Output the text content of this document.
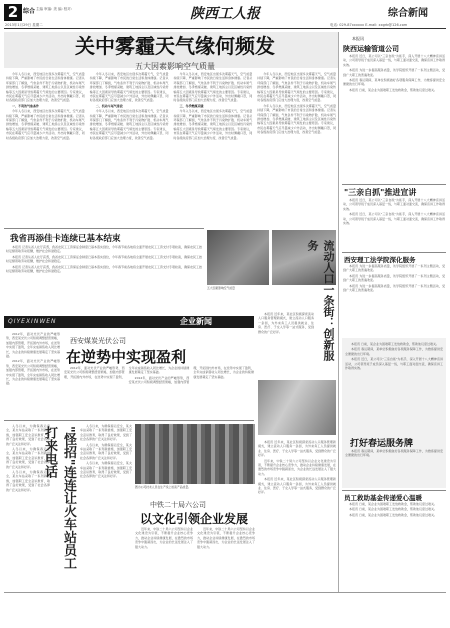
2 综合 主编 审编: 美 编: 校对:	陕西工人报	综合新闻
2013年1月29日 星期二	电话: 029-87xxxxxx E-mail: xxgrb@126.com
关中雾霾天气缘何频发
五大因素影响空气质量

今年入冬以来，西安地区出现多次雾霾天气，空气质量持续下降，严重影响了市民的日常生活和身体健康。记者从环保部门了解到，气象条件不利于污染物扩散、机动车尾气排放增加、冬季燃煤采暖、建筑工地扬尘以及区域性污染传输等五大因素是导致雾霾天气频发的主要原因。专家建议，市民在雾霾天气应尽量减少户外活动，外出时佩戴口罩，同时各级政府部门应加大治理力度，改善空气质量。

一、不利的气象条件

今年入冬以来，西安地区出现多次雾霾天气，空气质量持续下降，严重影响了市民的日常生活和身体健康。记者从环保部门了解到，气象条件不利于污染物扩散、机动车尾气排放增加、冬季燃煤采暖、建筑工地扬尘以及区域性污染传输等五大因素是导致雾霾天气频发的主要原因。专家建议，市民在雾霾天气应尽量减少户外活动，外出时佩戴口罩，同时各级政府部门应加大治理力度，改善空气质量。

今年入冬以来，西安地区出现多次雾霾天气，空气质量持续下降，严重影响了市民的日常生活和身体健康。记者从环保部门了解到，气象条件不利于污染物扩散、机动车尾气排放增加、冬季燃煤采暖、建筑工地扬尘以及区域性污染传输等五大因素是导致雾霾天气频发的主要原因。专家建议，市民在雾霾天气应尽量减少户外活动，外出时佩戴口罩，同时各级政府部门应加大治理力度，改善空气质量。

二、机动车尾气排放

今年入冬以来，西安地区出现多次雾霾天气，空气质量持续下降，严重影响了市民的日常生活和身体健康。记者从环保部门了解到，气象条件不利于污染物扩散、机动车尾气排放增加、冬季燃煤采暖、建筑工地扬尘以及区域性污染传输等五大因素是导致雾霾天气频发的主要原因。专家建议，市民在雾霾天气应尽量减少户外活动，外出时佩戴口罩，同时各级政府部门应加大治理力度，改善空气质量。

今年入冬以来，西安地区出现多次雾霾天气，空气质量持续下降，严重影响了市民的日常生活和身体健康。记者从环保部门了解到，气象条件不利于污染物扩散、机动车尾气排放增加、冬季燃煤采暖、建筑工地扬尘以及区域性污染传输等五大因素是导致雾霾天气频发的主要原因。专家建议，市民在雾霾天气应尽量减少户外活动，外出时佩戴口罩，同时各级政府部门应加大治理力度，改善空气质量。

三、冬季燃煤采暖

今年入冬以来，西安地区出现多次雾霾天气，空气质量持续下降，严重影响了市民的日常生活和身体健康。记者从环保部门了解到，气象条件不利于污染物扩散、机动车尾气排放增加、冬季燃煤采暖、建筑工地扬尘以及区域性污染传输等五大因素是导致雾霾天气频发的主要原因。专家建议，市民在雾霾天气应尽量减少户外活动，外出时佩戴口罩，同时各级政府部门应加大治理力度，改善空气质量。

今年入冬以来，西安地区出现多次雾霾天气，空气质量持续下降，严重影响了市民的日常生活和身体健康。记者从环保部门了解到，气象条件不利于污染物扩散、机动车尾气排放增加、冬季燃煤采暖、建筑工地扬尘以及区域性污染传输等五大因素是导致雾霾天气频发的主要原因。专家建议，市民在雾霾天气应尽量减少户外活动，外出时佩戴口罩，同时各级政府部门应加大治理力度，改善空气质量。

今年入冬以来，西安地区出现多次雾霾天气，空气质量持续下降，严重影响了市民的日常生活和身体健康。记者从环保部门了解到，气象条件不利于污染物扩散、机动车尾气排放增加、冬季燃煤采暖、建筑工地扬尘以及区域性污染传输等五大因素是导致雾霾天气频发的主要原因。专家建议，市民在雾霾天气应尽量减少户外活动，外出时佩戴口罩，同时各级政府部门应加大治理力度，改善空气质量。

我省再添佳卡连续已基本结束

本报讯 记者从省人社厅获悉，我省农民工工资保证金制度已基本落实到位，今年春节前各地将全面开展农民工工资支付专项检查，确保农民工按时足额领取劳动报酬，维护社会和谐稳定。

本报讯 记者从省人社厅获悉，我省农民工工资保证金制度已基本落实到位，今年春节前各地将全面开展农民工工资支付专项检查，确保农民工按时足额领取劳动报酬，维护社会和谐稳定。

本报讯 记者从省人社厅获悉，我省农民工工资保证金制度已基本落实到位，今年春节前各地将全面开展农民工工资支付专项检查，确保农民工按时足额领取劳动报酬，维护社会和谐稳定。

五大因素影响空气质量	流动人口一条街：创新服务

本报讯 近年来，某社区积极探索流动人口服务管理新模式，建立流动人口服务一条街，为外来务工人员提供就业、住房、医疗、子女入学等一站式服务，受到群众的广泛好评。

QIYEXINWEN	企业新闻

2012年，面对光伏产业的严峻形势，西安某光伏公司积极调整经营策略，加强内部管理，开拓国内外市场，在逆势中实现了盈利，全年完成销售收入同比增长，为企业的持续健康发展奠定了坚实基础。

2012年，面对光伏产业的严峻形势，西安某光伏公司积极调整经营策略，加强内部管理，开拓国内外市场，在逆势中实现了盈利，全年完成销售收入同比增长，为企业的持续健康发展奠定了坚实基础。

西安煤炭光伏公司
在逆势中实现盈利

2012年，面对光伏产业的严峻形势，西安某光伏公司积极调整经营策略，加强内部管理，开拓国内外市场，在逆势中实现了盈利，全年完成销售收入同比增长，为企业的持续健康发展奠定了坚实基础。

2012年，面对光伏产业的严峻形势，西安某光伏公司积极调整经营策略，加强内部管理，开拓国内外市场，在逆势中实现了盈利，全年完成销售收入同比增长，为企业的持续健康发展奠定了坚实基础。

入冬以来，为确保春运安全，某火车站采取了一系列新措施，加强职工安全意识教育，取得了良好效果，受到了社会各界的广泛关注和好评。

入冬以来，为确保春运安全，某火车站采取了一系列新措施，加强职工安全意识教育，取得了良好效果，受到了社会各界的广泛关注和好评。

入冬以来，为确保春运安全，某火车站采取了一系列新措施，加强职工安全意识教育，取得了良好效果，受到了社会各界的广泛关注和好评。	"怪招"连连让火车站员工打来电话	入冬以来，为确保春运安全，某火车站采取了一系列新措施，加强职工安全意识教育，取得了良好效果，受到了社会各界的广泛关注和好评。

入冬以来，为确保春运安全，某火车站采取了一系列新措施，加强职工安全意识教育，取得了良好效果，受到了社会各界的广泛关注和好评。

入冬以来，为确保春运安全，某火车站采取了一系列新措施，加强职工安全意识教育，取得了良好效果，受到了社会各界的广泛关注和好评。

图为公司技术人员在生产线上检查产品质量。
中铁二十局六公司
以文化引领企业发展

近年来，中铁二十局六公司坚持以企业文化建设为引领，不断提升企业核心竞争力，推动企业持续健康发展，在激烈的市场竞争中脱颖而出，为企业的长远发展注入了强大动力。

近年来，中铁二十局六公司坚持以企业文化建设为引领，不断提升企业核心竞争力，推动企业持续健康发展，在激烈的市场竞争中脱颖而出，为企业的长远发展注入了强大动力。

本报讯 近年来，某社区积极探索流动人口服务管理新模式，建立流动人口服务一条街，为外来务工人员提供就业、住房、医疗、子女入学等一站式服务，受到群众的广泛好评。

近年来，中铁二十局六公司坚持以企业文化建设为引领，不断提升企业核心竞争力，推动企业持续健康发展，在激烈的市场竞争中脱颖而出，为企业的长远发展注入了强大动力。

本报讯 近年来，某社区积极探索流动人口服务管理新模式，建立流动人口服务一条街，为外来务工人员提供就业、住房、医疗、子女入学等一站式服务，受到群众的广泛好评。

本报讯
陕西运输管道公司

本报讯 近日，某公司以"三亲自抓"为抓手，深入开展十八大精神宣讲活动，公司领导班子成员深入基层一线，与职工面对面交流，确保宣讲工作取得实效。

本报讯 为进一步提高服务质量，该学院组织开展了一系列主题活动，受到广大职工的普遍欢迎。

本报讯 春运期间，某单位积极做好各项服务保障工作，为旅客提供安全便捷的出行环境。

本报讯 日前，某企业为困难职工发放救助金，帮助他们度过难关。

"三亲自抓"推进宣讲

本报讯 近日，某公司以"三亲自抓"为抓手，深入开展十八大精神宣讲活动，公司领导班子成员深入基层一线，与职工面对面交流，确保宣讲工作取得实效。

本报讯 近日，某公司以"三亲自抓"为抓手，深入开展十八大精神宣讲活动，公司领导班子成员深入基层一线，与职工面对面交流，确保宣讲工作取得实效。

西安理工法学院深化服务

本报讯 为进一步提高服务质量，该学院组织开展了一系列主题活动，受到广大职工的普遍欢迎。

本报讯 为进一步提高服务质量，该学院组织开展了一系列主题活动，受到广大职工的普遍欢迎。

本报讯 为进一步提高服务质量，该学院组织开展了一系列主题活动，受到广大职工的普遍欢迎。

本报讯 日前，某企业为困难职工发放救助金，帮助他们度过难关。

本报讯 春运期间，某单位积极做好各项服务保障工作，为旅客提供安全便捷的出行环境。

本报讯 近日，某公司以"三亲自抓"为抓手，深入开展十八大精神宣讲活动，公司领导班子成员深入基层一线，与职工面对面交流，确保宣讲工作取得实效。

打好春运服务牌

本报讯 春运期间，某单位积极做好各项服务保障工作，为旅客提供安全便捷的出行环境。

员工救助基金传递爱心温暖

本报讯 日前，某企业为困难职工发放救助金，帮助他们度过难关。

本报讯 日前，某企业为困难职工发放救助金，帮助他们度过难关。

本报讯 日前，某企业为困难职工发放救助金，帮助他们度过难关。
